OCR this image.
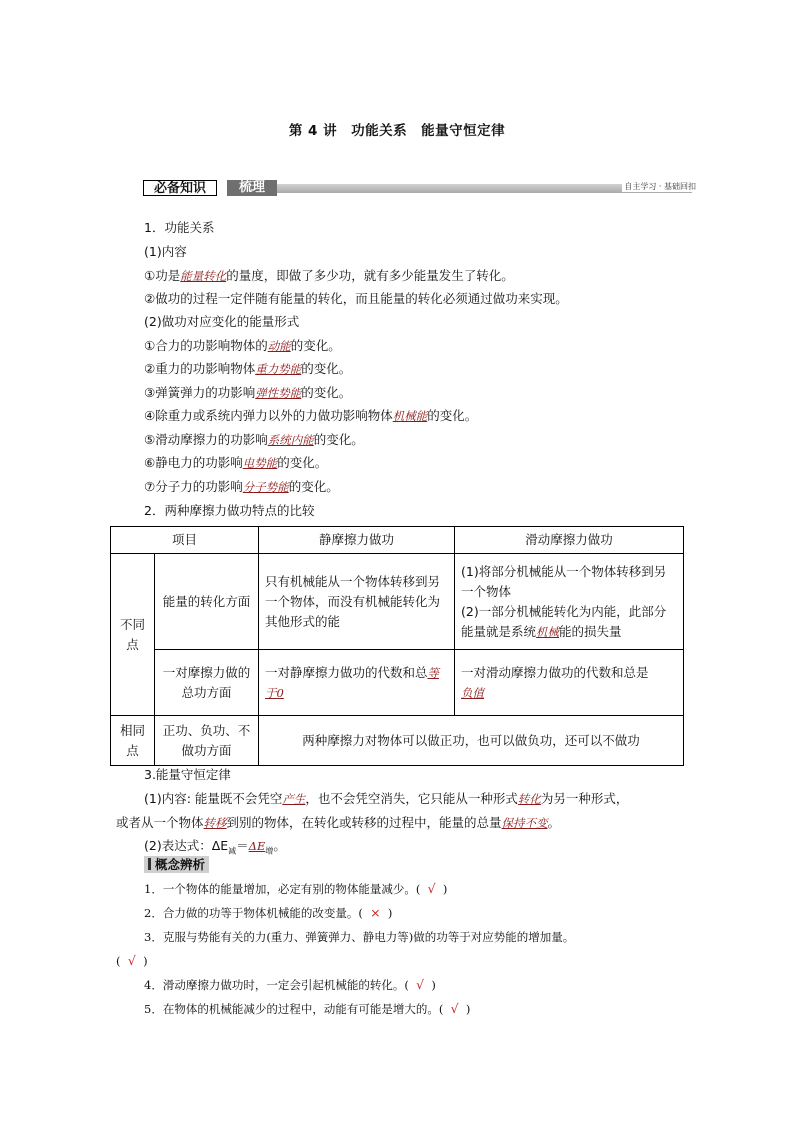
第 4 讲　功能关系　能量守恒定律
必备知识	梳理	自主学习 · 基础回扣
1．功能关系
(1)内容
①功是能量转化的量度，即做了多少功，就有多少能量发生了转化。
②做功的过程一定伴随有能量的转化，而且能量的转化必须通过做功来实现。
(2)做功对应变化的能量形式
①合力的功影响物体的动能的变化。
②重力的功影响物体重力势能的变化。
③弹簧弹力的功影响弹性势能的变化。
④除重力或系统内弹力以外的力做功影响物体机械能的变化。
⑤滑动摩擦力的功影响系统内能的变化。
⑥静电力的功影响电势能的变化。
⑦分子力的功影响分子势能的变化。
2．两种摩擦力做功特点的比较
项目		静摩擦力做功	滑动摩擦力做功
不同点	能量的转化方面	只有机械能从一个物体转移到另一个物体，而没有机械能转化为其他形式的能	(1)将部分机械能从一个物体转移到另一个物体
(2)一部分机械能转化为内能，此部分能量就是系统机械能的损失量

	一对摩擦力做的总功方面	一对静摩擦力做功的代数和总等于0	一对滑动摩擦力做功的代数和总是
负值
相同点	正功、负功、不做功方面	两种摩擦力对物体可以做正功，也可以做负功，还可以不做功	
3.能量守恒定律
(1)内容: 能量既不会凭空产生，也不会凭空消失，它只能从一种形式转化为另一种形式，
或者从一个物体转移到别的物体，在转化或转移的过程中，能量的总量保持不变。
(2)表达式：$\Delta E_减=\Delta E_增$。
概念辨析
1．一个物体的能量增加，必定有别的物体能量减少。( √ )
2．合力做的功等于物体机械能的改变量。( × )
3．克服与势能有关的力(重力、弹簧弹力、静电力等)做的功等于对应势能的增加量。
( √ )
4．滑动摩擦力做功时，一定会引起机械能的转化。( √ )
5．在物体的机械能减少的过程中，动能有可能是增大的。( √ )
